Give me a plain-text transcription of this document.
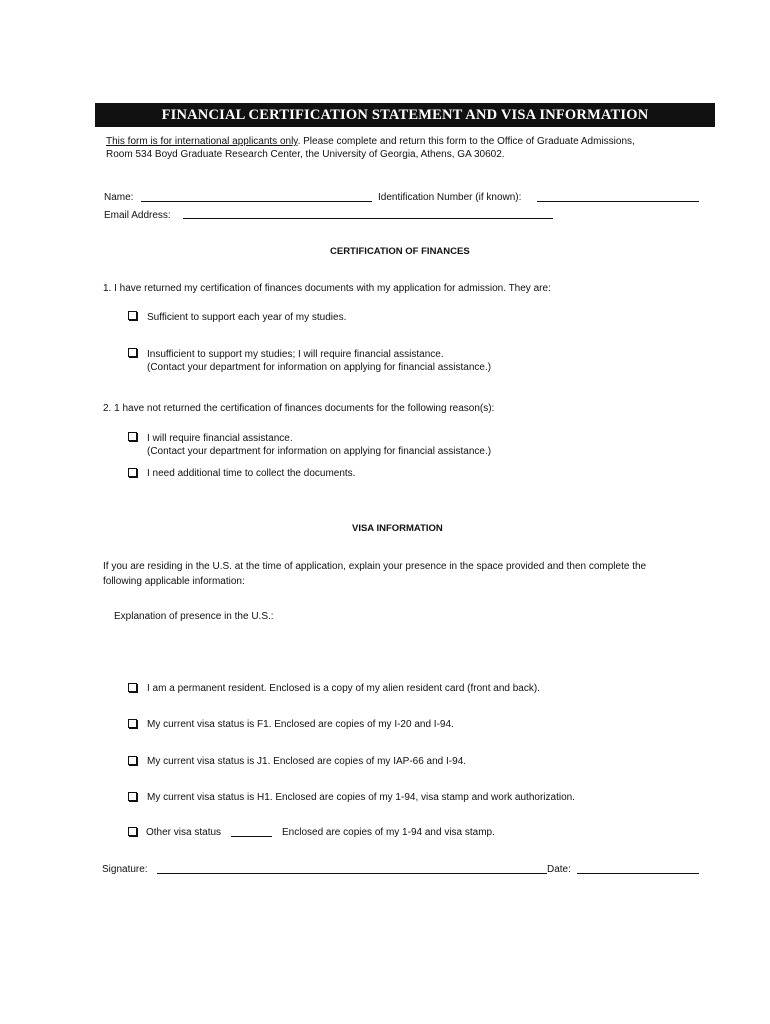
FINANCIAL CERTIFICATION STATEMENT AND VISA INFORMATION
This form is for international applicants only. Please complete and return this form to the Office of Graduate Admissions,
Room 534 Boyd Graduate Research Center, the University of Georgia, Athens, GA 30602.
Name:	Identification Number (if known):
Email Address:
CERTIFICATION OF FINANCES
1. I have returned my certification of finances documents with my application for admission. They are:
Sufficient to support each year of my studies.
Insufficient to support my studies; I will require financial assistance.
(Contact your department for information on applying for financial assistance.)
2. 1 have not returned the certification of finances documents for the following reason(s):
I will require financial assistance.
(Contact your department for information on applying for financial assistance.)
I need additional time to collect the documents.
VISA INFORMATION
If you are residing in the U.S. at the time of application, explain your presence in the space provided and then complete the
following applicable information:
Explanation of presence in the U.S.:
I am a permanent resident. Enclosed is a copy of my alien resident card (front and back).
My current visa status is F1. Enclosed are copies of my I-20 and I-94.
My current visa status is J1. Enclosed are copies of my IAP-66 and I-94.
My current visa status is H1. Enclosed are copies of my 1-94, visa stamp and work authorization.
Other visa status	Enclosed are copies of my 1-94 and visa stamp.
Signature:	Date:
